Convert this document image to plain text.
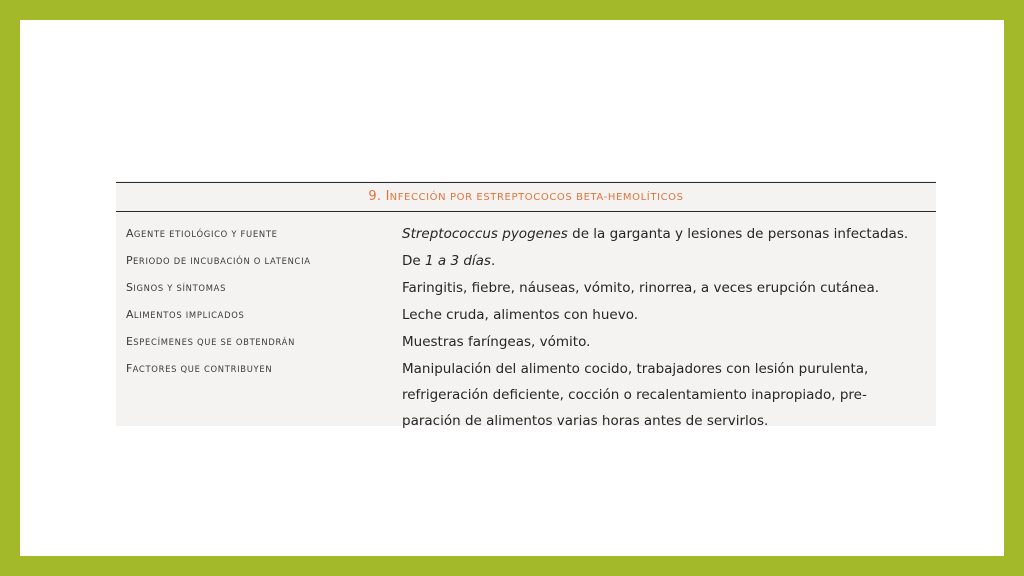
9. INFECCIÓN POR ESTREPTOCOCOS BETA-HEMOLÍTICOS
AGENTE ETIOLÓGICO Y FUENTE	Streptococcus pyogenes de la garganta y lesiones de personas infectadas.
PERIODO DE INCUBACIÓN O LATENCIA	De 1 a 3 días.
SIGNOS Y SÍNTOMAS	Faringitis, fiebre, náuseas, vómito, rinorrea, a veces erupción cutánea.
ALIMENTOS IMPLICADOS	Leche cruda, alimentos con huevo.
ESPECÍMENES QUE SE OBTENDRÁN	Muestras faríngeas, vómito.
FACTORES QUE CONTRIBUYEN	Manipulación del alimento cocido, trabajadores con lesión purulenta,
refrigeración deficiente, cocción o recalentamiento inapropiado, pre-
paración de alimentos varias horas antes de servirlos.
